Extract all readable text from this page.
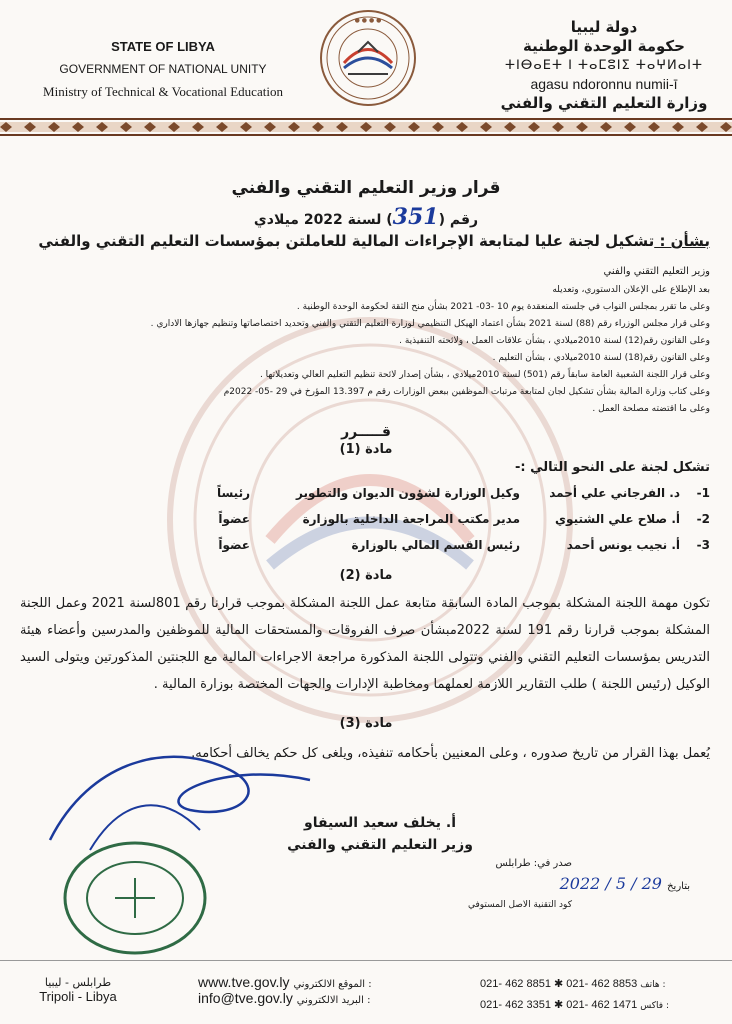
STATE OF LIBYA
GOVERNMENT OF NATIONAL UNITY
Ministry of Technical & Vocational Education
● ● ● ●	دولة ليبيا
حكومة الوحدة الوطنية
ⵜⵏⴱⴰⴹⵜ ⵏ ⵜⴰⵎⵓⵏⵉ ⵜⴰⵖⵍⴰⵏⵜ
agasu ndoronnu numii-ī
وزارة التعليم التقني والفني
قرار وزير التعليم التقني والفني
رقم (351) لسنة 2022 ميلادي
بشأن : تشكيل لجنة عليا لمتابعة الإجراءات المالية للعاملتن بمؤسسات التعليم التقني والفني
وزير التعليم التقني والفني
بعد الإطلاع على الإعلان الدستوري، وتعديله
وعلى ما تقرر بمجلس النواب في جلسته المنعقدة يوم 10 -03- 2021 بشأن منح الثقة لحكومة الوحدة الوطنية .
وعلى قرار مجلس الوزراء رقم (88) لسنة 2021 بشأن اعتماد الهيكل التنظيمي لوزارة التعليم التقني والفني وتحديد اختصاصاتها وتنظيم جهازها الاداري .
وعلى القانون رقم(12) لسنة 2010ميلادي ، بشأن علاقات العمل ، ولائحته التنفيذية .
وعلى القانون رقم(18) لسنة 2010ميلادي ، بشأن التعليم .
وعلى قرار اللجنة الشعبية العامة سابقاً رقم (501) لسنة 2010ميلادي ، بشأن إصدار لائحة تنظيم التعليم العالي وتعديلاتها .
وعلى كتاب وزارة المالية بشأن تشكيل لجان لمتابعة مرتبات الموظفين ببعض الوزارات رقم م 13.397 المؤرخ في 29 -05- 2022م
وعلى ما اقتضته مصلحة العمل .
قـــــرر
مادة (1)
تشكل لجنة على النحو التالي :-
1-
د. الفرجاني علي أحمد
وكيل الوزارة لشؤون الديوان والتطوير
رئيساً
2-
أ. صلاح علي الشتيوي
مدير مكتب المراجعة الداخلية بالوزارة
عضواً
3-
أ. نجيب يونس أحمد
رئيس القسم المالي بالوزارة
عضواً
مادة (2)
تكون مهمة اللجنة المشكلة بموجب المادة السابقة متابعة عمل اللجنة المشكلة بموجب قرارنا رقم 801لسنة 2021 وعمل اللجنة المشكلة بموجب قرارنا رقم 191 لسنة 2022مبشأن صرف الفروقات والمستحقات المالية للموظفين والمدرسين وأعضاء هيئة التدريس بمؤسسات التعليم التقني والفني وتتولى اللجنة المذكورة مراجعة الاجراءات المالية مع اللجنتين المذكورتين ويتولى السيد الوكيل (رئيس اللجنة ) طلب التقارير اللازمة لعملهما ومخاطبة الإدارات والجهات المختصة بوزارة المالية .
مادة (3)
يُعمل بهذا القرار من تاريخ صدوره ، وعلى المعنيين بأحكامه تنفيذه، ويلغى كل حكم يخالف أحكامه.
أ. يخلف سعيد السيفاو
وزير التعليم التقني والفني
صدر في: طرابلس
بتاريخ 29 / 5 / 2022
كود التقنية الاصل المستوفي
طرابلس - ليبيا
Tripoli - Libya
www.tve.gov.ly الموقع الالكتروني :
info@tve.gov.ly البريد الالكتروني :
021- 462 8851 ✱ 021- 462 8853 هاتف :
021- 462 3351 ✱ 021- 462 1471 فاكس :
